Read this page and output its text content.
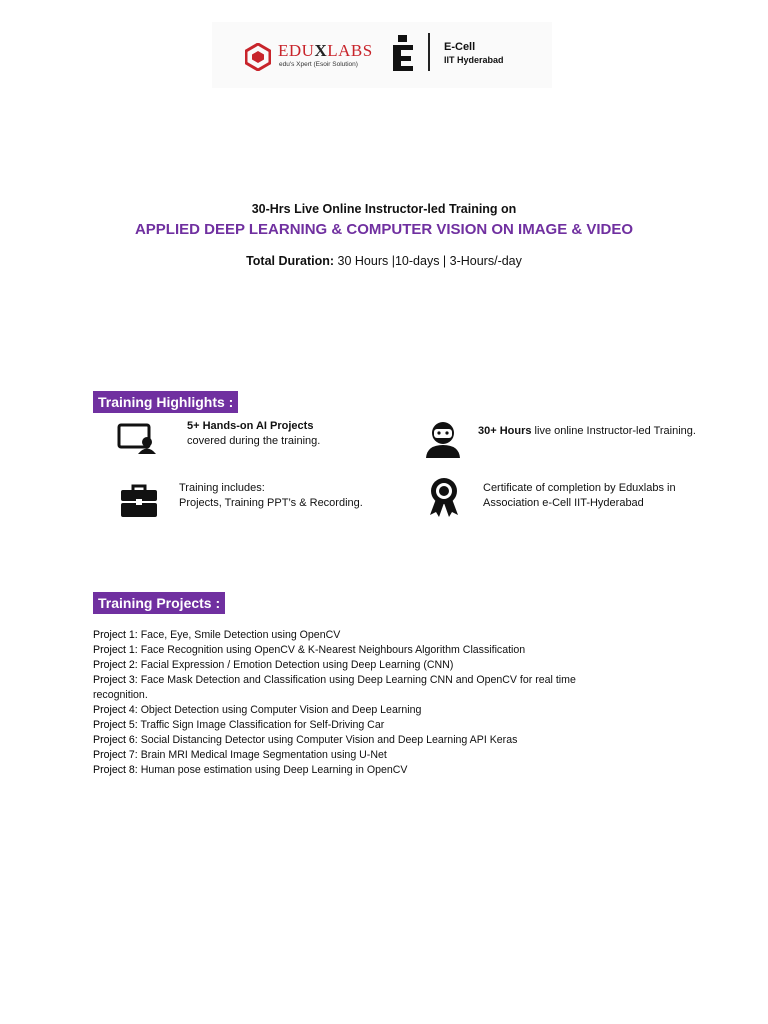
EDUXLABS
edu's Xpert (Esoir Solution)
E-Cell
IIT Hyderabad
30-Hrs Live Online Instructor-led Training on
APPLIED DEEP LEARNING & COMPUTER VISION ON IMAGE & VIDEO
Total Duration: 30 Hours |10-days | 3-Hours/-day
Training Highlights :
5+ Hands-on AI Projects
covered during the training.
30+ Hours live online Instructor-led Training.
Training includes:
Projects, Training PPT’s & Recording.
Certificate of completion by Eduxlabs in
Association e-Cell IIT-Hyderabad
Training Projects :
Project 1: Face, Eye, Smile Detection using OpenCV
Project 1: Face Recognition using OpenCV & K-Nearest Neighbours Algorithm Classification
Project 2: Facial Expression / Emotion Detection using Deep Learning (CNN)
Project 3: Face Mask Detection and Classification using Deep Learning CNN and OpenCV for real time recognition.
Project 4: Object Detection using Computer Vision and Deep Learning
Project 5: Traffic Sign Image Classification for Self-Driving Car
Project 6: Social Distancing Detector using Computer Vision and Deep Learning API Keras
Project 7: Brain MRI Medical Image Segmentation using U-Net
Project 8: Human pose estimation using Deep Learning in OpenCV
